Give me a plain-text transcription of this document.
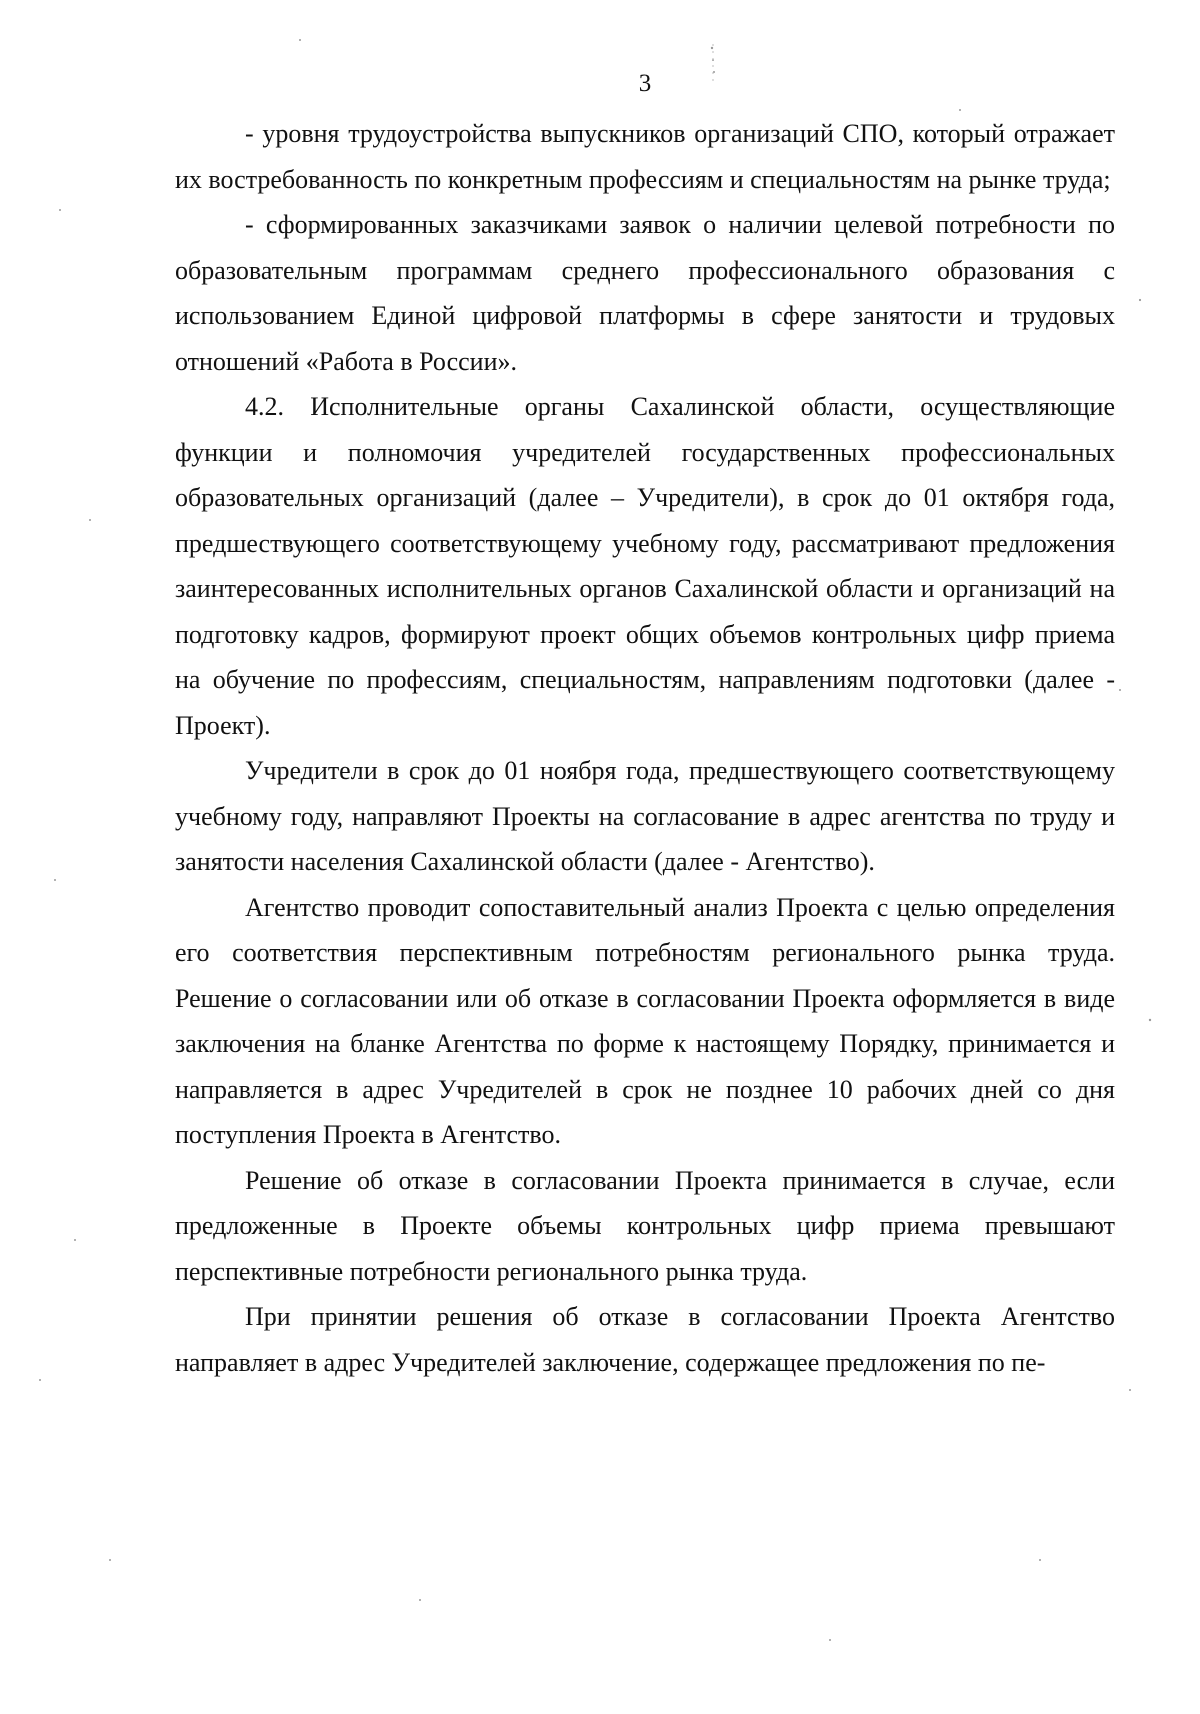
3

- уровня трудоустройства выпускников организаций СПО, который отражает их востребованность по конкретным профессиям и специальностям на рынке труда;

- сформированных заказчиками заявок о наличии целевой потребности по образовательным программам среднего профессионального образования с использованием Единой цифровой платформы в сфере занятости и трудовых отношений «Работа в России».

4.2. Исполнительные органы Сахалинской области, осуществляющие функции и полномочия учредителей государственных профессиональных образовательных организаций (далее – Учредители), в срок до 01 октября года, предшествующего соответствующему учебному году, рассматривают предложения заинтересованных исполнительных органов Сахалинской области и организаций на подготовку кадров, формируют проект общих объемов контрольных цифр приема на обучение по профессиям, специальностям, направлениям подготовки (далее - Проект).

Учредители в срок до 01 ноября года, предшествующего соответствующему учебному году, направляют Проекты на согласование в адрес агентства по труду и занятости населения Сахалинской области (далее - Агентство).

Агентство проводит сопоставительный анализ Проекта с целью определения его соответствия перспективным потребностям регионального рынка труда. Решение о согласовании или об отказе в согласовании Проекта оформляется в виде заключения на бланке Агентства по форме к настоящему Порядку, принимается и направляется в адрес Учредителей в срок не позднее 10 рабочих дней со дня поступления Проекта в Агентство.

Решение об отказе в согласовании Проекта принимается в случае, если предложенные в Проекте объемы контрольных цифр приема превышают перспективные потребности регионального рынка труда.

При принятии решения об отказе в согласовании Проекта Агентство направляет в адрес Учредителей заключение, содержащее предложения по пе-
